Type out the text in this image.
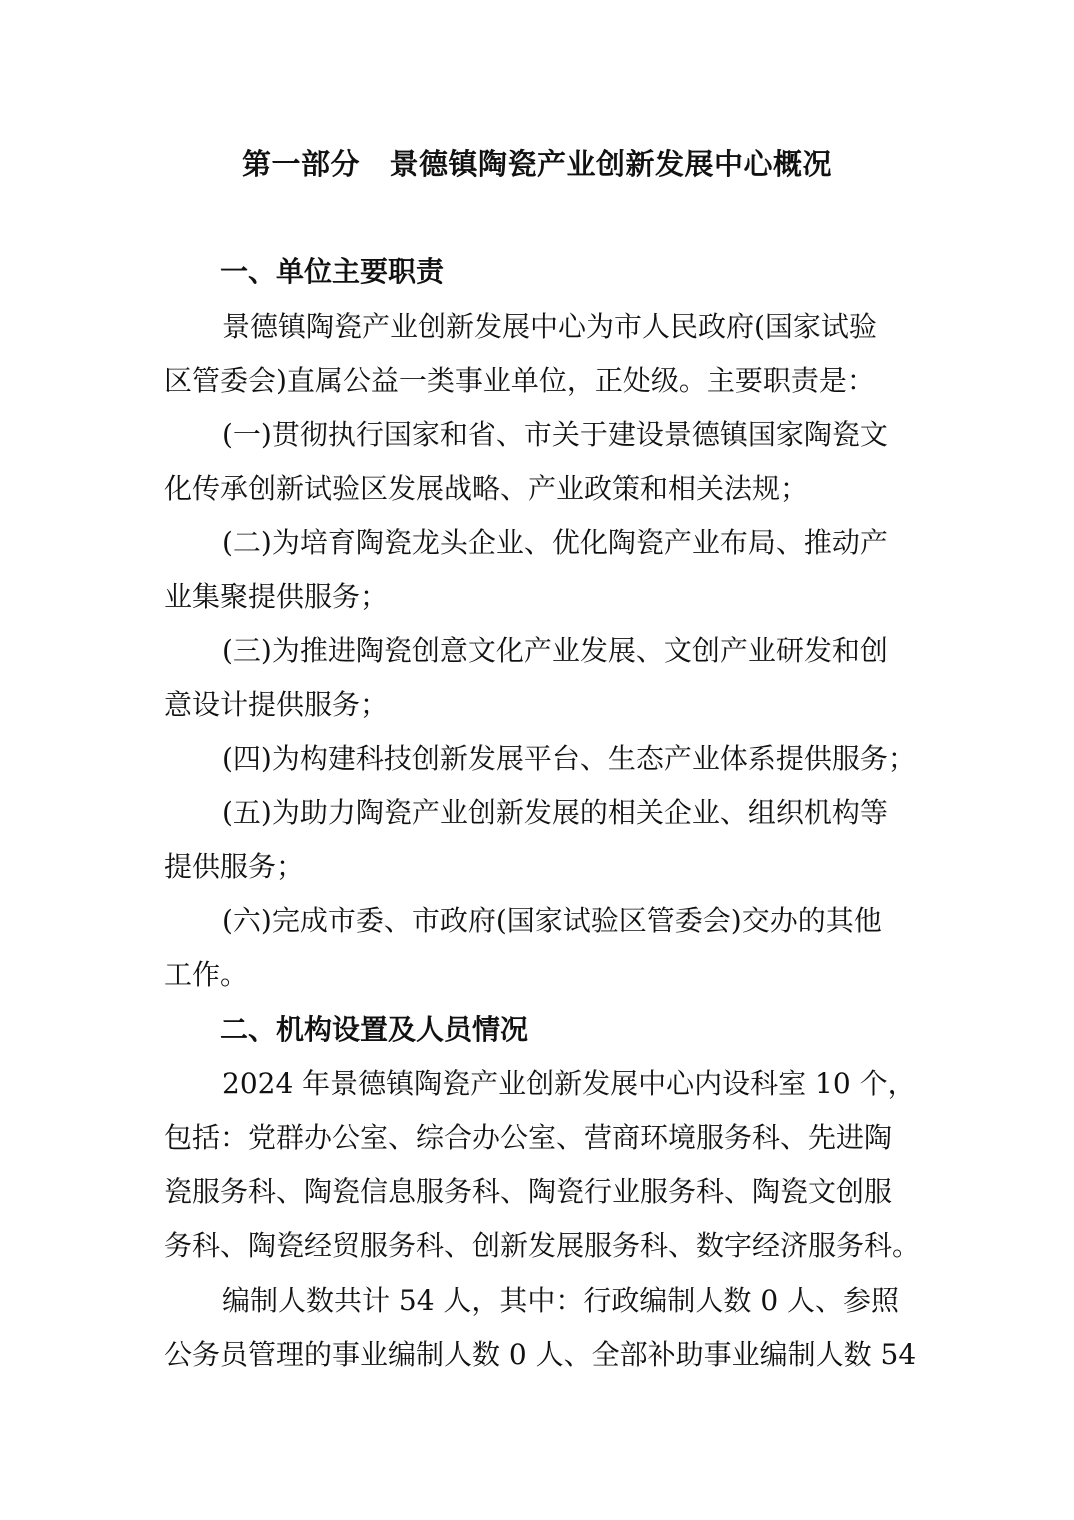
第一部分　景德镇陶瓷产业创新发展中心概况
一、单位主要职责
景德镇陶瓷产业创新发展中心为市人民政府(国家试验
区管委会)直属公益一类事业单位，正处级。主要职责是：
(一)贯彻执行国家和省、市关于建设景德镇国家陶瓷文
化传承创新试验区发展战略、产业政策和相关法规；
(二)为培育陶瓷龙头企业、优化陶瓷产业布局、推动产
业集聚提供服务；
(三)为推进陶瓷创意文化产业发展、文创产业研发和创
意设计提供服务；
(四)为构建科技创新发展平台、生态产业体系提供服务；
(五)为助力陶瓷产业创新发展的相关企业、组织机构等
提供服务；
(六)完成市委、市政府(国家试验区管委会)交办的其他
工作。
二、机构设置及人员情况
2024 年景德镇陶瓷产业创新发展中心内设科室 10 个，
包括：党群办公室、综合办公室、营商环境服务科、先进陶
瓷服务科、陶瓷信息服务科、陶瓷行业服务科、陶瓷文创服
务科、陶瓷经贸服务科、创新发展服务科、数字经济服务科。
编制人数共计 54 人，其中：行政编制人数 0 人、参照
公务员管理的事业编制人数 0 人、全部补助事业编制人数 54
